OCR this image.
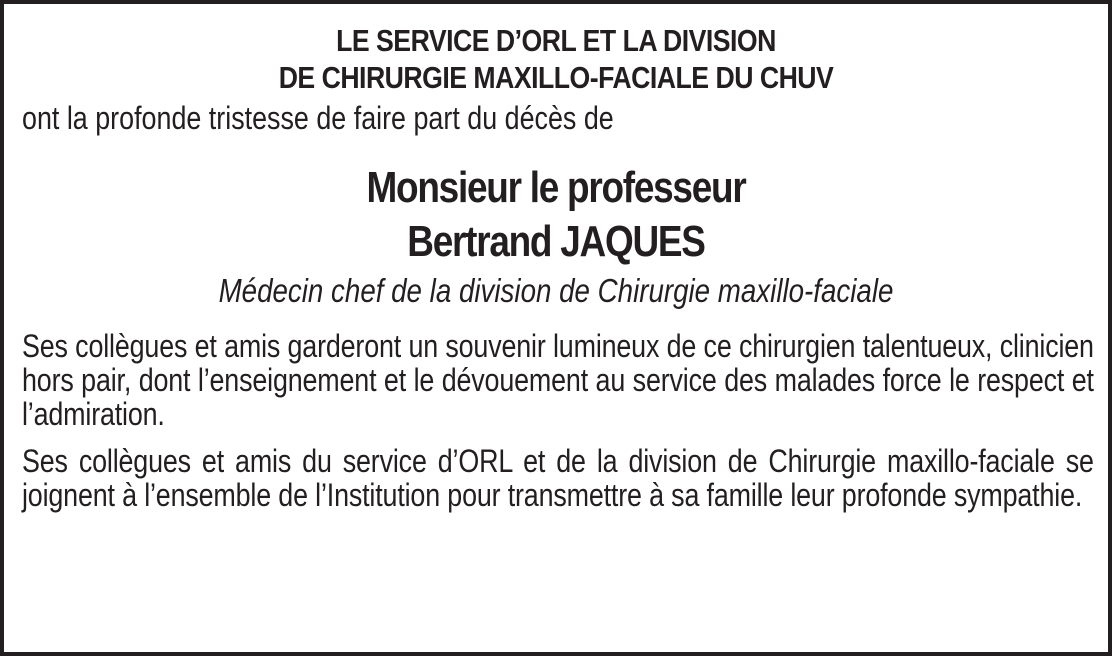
LE SERVICE D’ORL ET LA DIVISION
DE CHIRURGIE MAXILLO-FACIALE DU CHUV
ont la profonde tristesse de faire part du décès de
Monsieur le professeur
Bertrand JAQUES
Médecin chef de la division de Chirurgie maxillo-faciale
Ses collègues et amis garderont un souvenir lumineux de ce chirurgien talentueux, clinicien hors pair, dont l’enseignement et le dévouement au service des malades force le respect et l’admiration.
Ses collègues et amis du service d’ORL et de la division de Chirurgie maxillo-faciale se joignent à l’ensemble de l’Institution pour transmettre à sa famille leur profonde sympathie.
